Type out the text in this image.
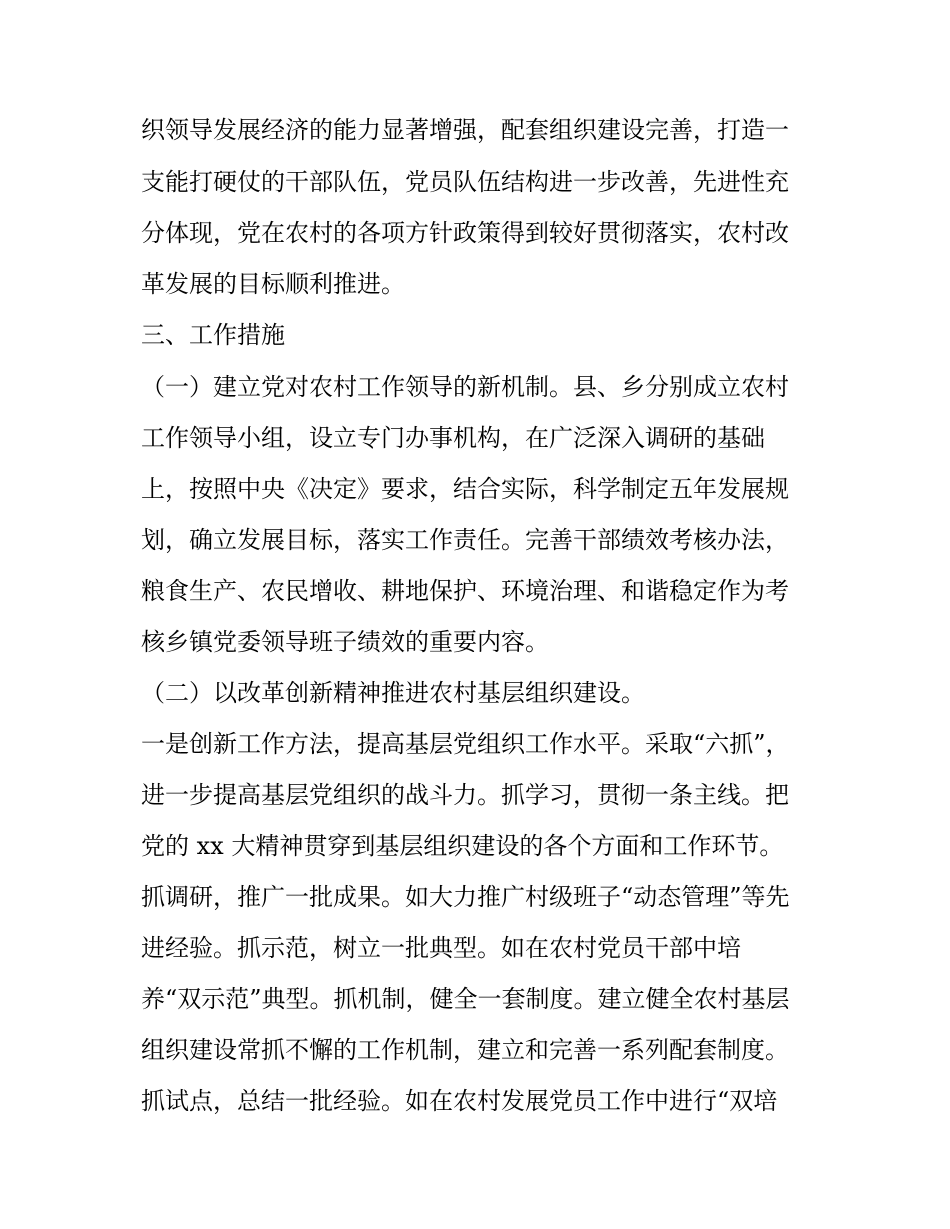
织领导发展经济的能力显著增强，配套组织建设完善，打造一
支能打硬仗的干部队伍，党员队伍结构进一步改善，先进性充
分体现，党在农村的各项方针政策得到较好贯彻落实，农村改
革发展的目标顺利推进。
三、工作措施
（一）建立党对农村工作领导的新机制。县、乡分别成立农村
工作领导小组，设立专门办事机构，在广泛深入调研的基础
上，按照中央《决定》要求，结合实际，科学制定五年发展规
划，确立发展目标，落实工作责任。完善干部绩效考核办法，
粮食生产、农民增收、耕地保护、环境治理、和谐稳定作为考
核乡镇党委领导班子绩效的重要内容。
（二）以改革创新精神推进农村基层组织建设。
一是创新工作方法，提高基层党组织工作水平。采取“六抓”，
进一步提高基层党组织的战斗力。抓学习，贯彻一条主线。把
党的 xx 大精神贯穿到基层组织建设的各个方面和工作环节。
抓调研，推广一批成果。如大力推广村级班子“动态管理”等先
进经验。抓示范，树立一批典型。如在农村党员干部中培
养“双示范”典型。抓机制，健全一套制度。建立健全农村基层
组织建设常抓不懈的工作机制，建立和完善一系列配套制度。
抓试点，总结一批经验。如在农村发展党员工作中进行“双培
